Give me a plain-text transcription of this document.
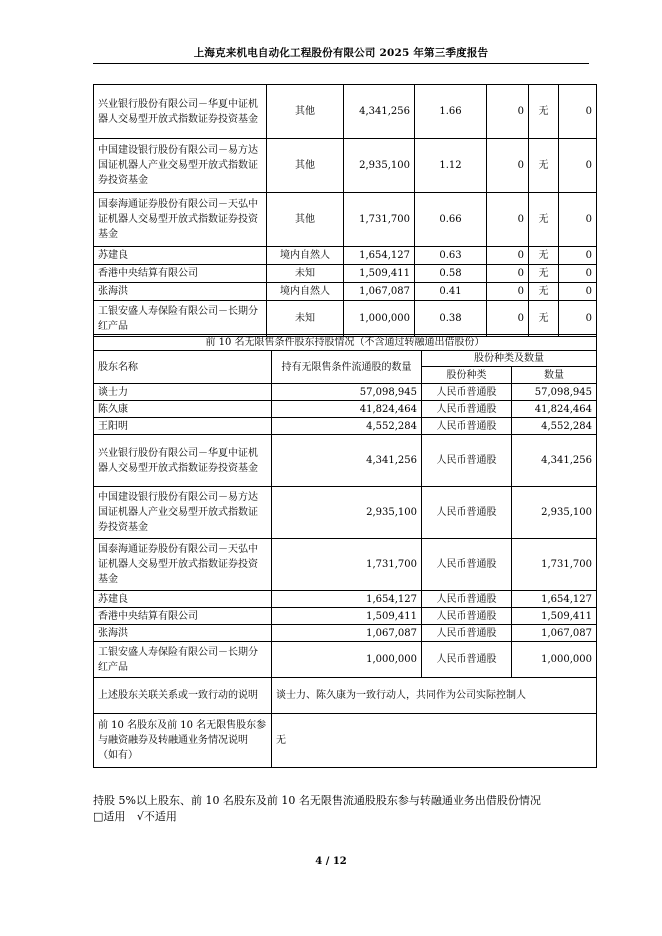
上海克来机电自动化工程股份有限公司 2025 年第三季度报告
兴业银行股份有限公司－华夏中证机器人交易型开放式指数证券投资基金	其他	4,341,256	1.66	0	无	0
中国建设银行股份有限公司－易方达国证机器人产业交易型开放式指数证券投资基金	其他	2,935,100	1.12	0	无	0
国泰海通证券股份有限公司－天弘中证机器人交易型开放式指数证券投资基金	其他	1,731,700	0.66	0	无	0
苏建良	境内自然人	1,654,127	0.63	0	无	0
香港中央结算有限公司	未知	1,509,411	0.58	0	无	0
张海洪	境内自然人	1,067,087	0.41	0	无	0
工银安盛人寿保险有限公司－长期分红产品	未知	1,000,000	0.38	0	无	0
前 10 名无限售条件股东持股情况（不含通过转融通出借股份）			
股东名称	持有无限售条件流通股的数量	股份种类及数量	
		股份种类	数量
谈士力	57,098,945	人民币普通股	57,098,945
陈久康	41,824,464	人民币普通股	41,824,464
王阳明	4,552,284	人民币普通股	4,552,284
兴业银行股份有限公司－华夏中证机器人交易型开放式指数证券投资基金	4,341,256	人民币普通股	4,341,256
中国建设银行股份有限公司－易方达国证机器人产业交易型开放式指数证券投资基金	2,935,100	人民币普通股	2,935,100
国泰海通证券股份有限公司－天弘中证机器人交易型开放式指数证券投资基金	1,731,700	人民币普通股	1,731,700
苏建良	1,654,127	人民币普通股	1,654,127
香港中央结算有限公司	1,509,411	人民币普通股	1,509,411
张海洪	1,067,087	人民币普通股	1,067,087
工银安盛人寿保险有限公司－长期分红产品	1,000,000	人民币普通股	1,000,000
上述股东关联关系或一致行动的说明	谈士力、陈久康为一致行动人，共同作为公司实际控制人		
前 10 名股东及前 10 名无限售股东参与融资融券及转融通业务情况说明（如有）	无		
持股 5%以上股东、前 10 名股东及前 10 名无限售流通股股东参与转融通业务出借股份情况
□适用 √不适用
4 / 12
